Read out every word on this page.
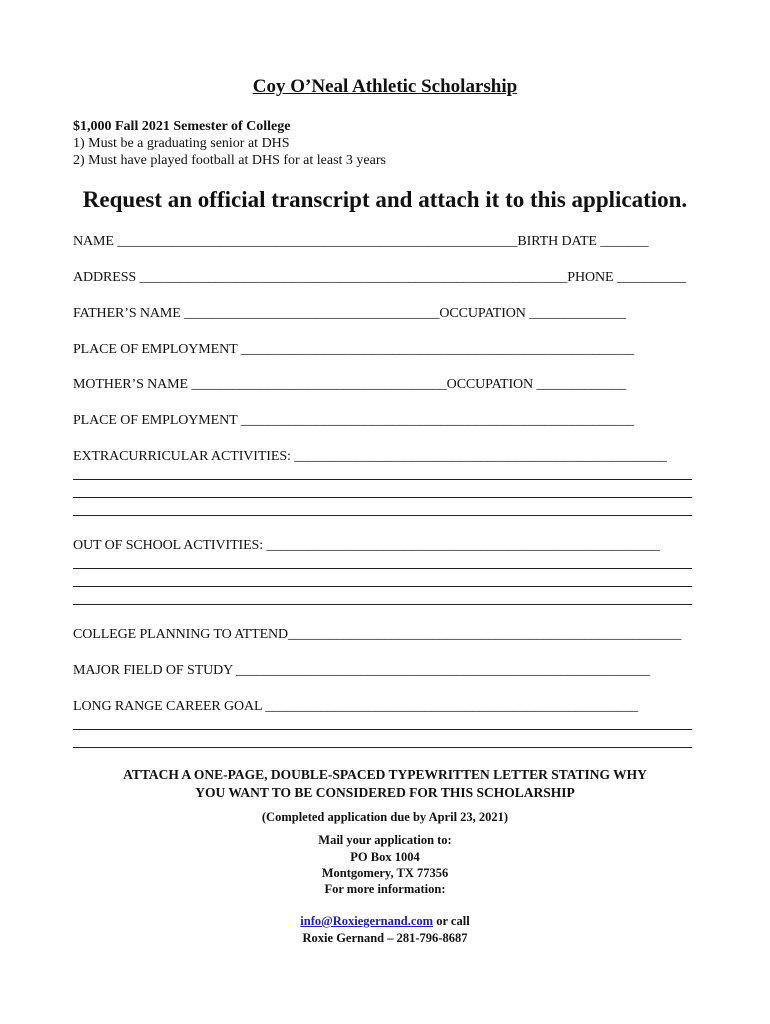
Coy O’Neal Athletic Scholarship
$1,000 Fall 2021 Semester of College
1) Must be a graduating senior at DHS
2) Must have played football at DHS for at least 3 years
Request an official transcript and attach it to this application.
NAME __________________________________________________________BIRTH DATE _______
ADDRESS ______________________________________________________________PHONE __________
FATHER’S NAME _____________________________________OCCUPATION ______________
PLACE OF EMPLOYMENT _________________________________________________________
MOTHER’S NAME _____________________________________OCCUPATION _____________
PLACE OF EMPLOYMENT _________________________________________________________
EXTRACURRICULAR ACTIVITIES: ______________________________________________________
OUT OF SCHOOL ACTIVITIES: _________________________________________________________
COLLEGE PLANNING TO ATTEND_________________________________________________________
MAJOR FIELD OF STUDY ____________________________________________________________
LONG RANGE CAREER GOAL ______________________________________________________
ATTACH A ONE-PAGE, DOUBLE-SPACED TYPEWRITTEN LETTER STATING WHY
YOU WANT TO BE CONSIDERED FOR THIS SCHOLARSHIP
(Completed application due by April 23, 2021)
Mail your application to:
PO Box 1004
Montgomery, TX 77356
For more information:
info@Roxiegernand.com or call
Roxie Gernand – 281-796-8687
